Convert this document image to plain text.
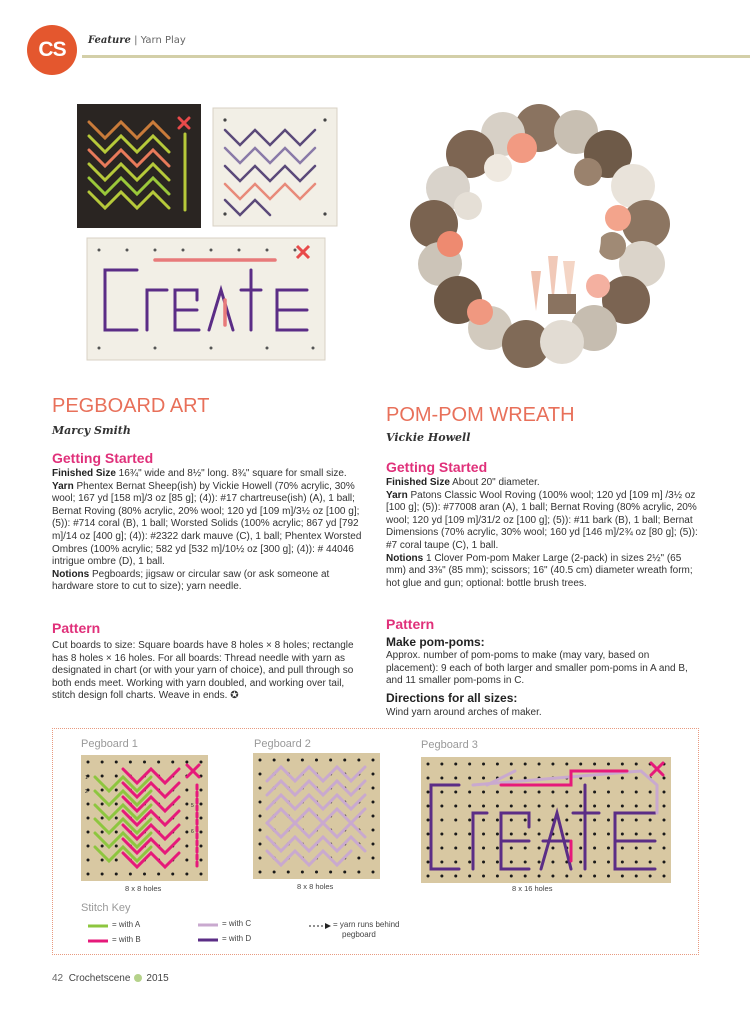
CS Feature | Yarn Play
PEGBOARD ART
Marcy Smith
Getting Started
Finished Size 16¾" wide and 8½" long. 8¾" square for small size.
Yarn Phentex Bernat Sheep(ish) by Vickie Howell (70% acrylic, 30% wool; 167 yd [158 m]/3 oz [85 g]; (4)): #17 chartreuse(ish) (A), 1 ball; Bernat Roving (80% acrylic, 20% wool; 120 yd [109 m]/3½ oz [100 g]; (5)): #714 coral (B), 1 ball; Worsted Solids (100% acrylic; 867 yd [792 m]/14 oz [400 g]; (4)): #2322 dark mauve (C), 1 ball; Phentex Worsted Ombres (100% acrylic; 582 yd [532 m]/10½ oz [300 g]; (4)): # 44046 intrigue ombre (D), 1 ball.
Notions Pegboards; jigsaw or circular saw (or ask someone at hardware store to cut to size); yarn needle.
Pattern
Cut boards to size: Square boards have 8 holes × 8 holes; rectangle has 8 holes × 16 holes. For all boards: Thread needle with yarn as designated in chart (or with your yarn of choice), and pull through so both ends meet. Working with yarn doubled, and working over tail, stitch design foll charts. Weave in ends. ✪
POM-POM WREATH
Vickie Howell
Getting Started
Finished Size About 20" diameter.
Yarn Patons Classic Wool Roving (100% wool; 120 yd [109 m] /3½ oz [100 g]; (5)): #77008 aran (A), 1 ball; Bernat Roving (80% acrylic, 20% wool; 120 yd [109 m]/31/2 oz [100 g]; (5)): #11 bark (B), 1 ball; Bernat Dimensions (70% acrylic, 30% wool; 160 yd [146 m]/2¾ oz [80 g]; (5)): #7 coral taupe (C), 1 ball.
Notions 1 Clover Pom-pom Maker Large (2-pack) in sizes 2½" (65 mm) and 3⅜" (85 mm); scissors; 16" (40.5 cm) diameter wreath form; hot glue and gun; optional: bottle brush trees.
Pattern
Make pom-poms:
Approx. number of pom-poms to make (may vary, based on placement): 9 each of both larger and smaller pom-poms in A and B, and 11 smaller pom-poms in C.
Directions for all sizes:
Wind yarn around arches of maker.
Pegboard 1	Pegboard 2	Pegboard 3
1
2
5
6
8 x 8 holes	8 x 8 holes	8 x 16 holes
Stitch Key
= with A
= with B
= with C
= with D
= yarn runs behind
pegboard
42 Crochetscene 2015
